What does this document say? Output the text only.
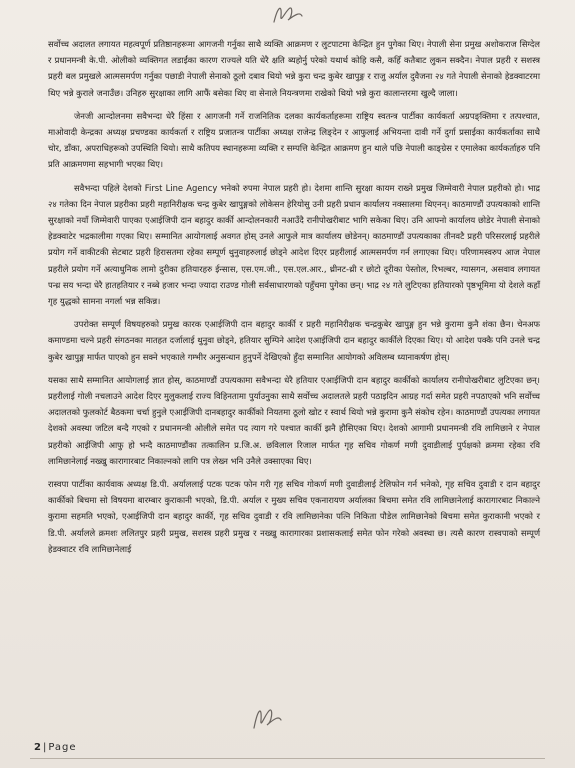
सर्वोच्च अदालत लगायत महत्वपूर्ण प्रतिष्ठानहरूमा आगजनी गर्नुका साथै व्यक्ति आक्रमण र लुटपाटमा केन्द्रित हुन पुगेका थिए। नेपाली सेना प्रमुख अशोकराज सिग्देल र प्रधानमन्त्री के.पी. ओलीको व्यक्तिगत लडाईंका कारण राज्यले यति धेरै क्षति ब्यहोर्नु परेको यथार्थ कोहि कसै, कहिँ कतैबाट लुकन सक्दैन। नेपाल प्रहरी र सशस्त्र प्रहरी बल प्रमुखले आत्मसमर्पण गर्नुका पछाडी नेपाली सेनाको ठूलो दबाव थियो भन्ने कुरा चन्द्र कुबेर खापुङ्ग र राजु अर्याल दुवैजना २४ गते नेपाली सेनाको हेडक्वाटरमा थिए भन्ने कुराले जनाउँछ। उनिहरु सुरक्षाका लागि आफैं बसेका थिए वा सेनाले नियन्त्रणमा राखेको थियो भन्ने कुरा कालान्तरमा खुल्दै जाला।

जेनजी आन्दोलनमा सवैभन्दा धेरै हिंसा र आगजनी गर्ने राजनितिक दलका कार्यकर्ताहरूमा राष्ट्रिय स्वतन्त्र पार्टीका कार्यकर्ता अग्रपङ्क्तिमा र तत्पश्चात, माओवादी केन्द्रका अध्यक्ष प्रचण्डका कार्यकर्ता र राष्ट्रिय प्रजातन्त्र पार्टीका अध्यक्ष राजेन्द्र लिङ्देन र आफुलाई अभियन्ता दावी गर्ने दुर्गा प्रसाईका कार्यकर्ताका साथै चोर, डाँका, अपराधिहरूको उपस्थिति थियो। साथै कतिपय स्थानहरूमा व्यक्ति र सम्पत्ति केन्द्रित आक्रमण हुन थाले पछि नेपाली काङ्ग्रेस र एमालेका कार्यकर्ताहरु पनि प्रति आक्रमणमा सहभागी भएका थिए।

सवैभन्दा पहिले देशको First Line Agency भनेको रुपमा नेपाल प्रहरी हो। देशमा शान्ति सुरक्षा कायम राख्ने प्रमुख जिम्मेवारी नेपाल प्रहरीको हो। भाद्र २४ गतेका दिन नेपाल प्रहरीका प्रहरी महानिरीक्षक चन्द्र कुबेर खापुङ्गको लोकेसन हेरियोसु उनी प्रहरी प्रधान कार्यालय नक्सालमा थिएनन्। काठमाण्डौं उपत्यकाको शान्ति सुरक्षाको नयाँ जिम्मेवारी पाएका एआईजिपी दान बहादुर कार्की आन्दोलनकारी नआउँदै रानीपोखरीबाट भागि सकेका थिए। उनि आफ्नो कार्यालय छोडेर नेपाली सेनाको हेडक्वाटेर भद्रकालीमा गएका थिए। सम्मानित आयोगलाई अवगत होस् उनले आफुले मात्र कार्यालय छोडेनन्। काठमाण्डौं उपत्यकाका तीनवटै प्रहरी परिसरलाई प्रहरीले प्रयोग गर्ने वाकीटकी सेटबाट प्रहरी हिरासतमा रहेका सम्पूर्ण थुनुवाहरुलाई छोड्ने आदेश दिएर प्रहरीलाई आत्मसमर्पण गर्न लगाएका थिए। परिणामस्वरुप आज नेपाल प्रहरीले प्रयोग गर्ने अत्याधुनिक लामो दुरीका हतियारहरु ईन्सास, एस.एम.जी., एस.एल.आर., थ्रीनट-थ्री र छोटो दूरीका पेस्तोल, रिभल्बर, ग्यासगन, असवाव लगायत पन्ध्र सय भन्दा धेरै हातहतियार र नब्बे हजार भन्दा ज्यादा राउण्ड गोली सर्वसाधारणको पहुँचमा पुगेका छन्। भाद्र २४ गते लुटिएका हतियारको पृष्ठभूमिमा यो देशले कहाँ गृह युद्धको सामना नगर्ला भन्न सकिन्न।

उपरोक्त सम्पूर्ण विषयहरुको प्रमुख कारक एआईजिपी दान बहादुर कार्की र प्रहरी महानिरीक्षक चन्द्रकुबेर खापुङ्ग हुन भन्ने कुरामा कुनै शंका छैन। चेनअफ कमाण्डमा चल्ने प्रहरी संगठनका मातहत दर्जालाई थुनुवा छोड्ने, हतियार सुम्पिने आदेश एआईजिपी दान बहादुर कार्कीले दिएका थिए। यो आदेश पक्कै पनि उनले चन्द्र कुबेर खापुङ्ग मार्फत पाएको हुन सक्ने भएकाले गम्भीर अनुसन्धान हुनुपर्ने देखिएको हुँदा सम्मानित आयोगको अविलम्ब ध्यानाकर्षण होस्।

यसका साथै सम्मानित आयोगलाई ज्ञात होस्, काठमाण्डौं उपत्यकामा सवैभन्दा धेरै हतियार एआईजिपी दान बहादुर कार्कीको कार्यालय रानीपोखरीबाट लुटिएका छन्। प्रहरीलाई गोली नचलाउने आदेश दिएर मुलुकलाई राज्य विहिनतामा पुर्याउनुका साथै सर्वोच्च अदालतले प्रहरी पठाइदिन आग्रह गर्दा समेत प्रहरी नपठाएको भनि सर्वोच्च अदालतको फुलकोर्ट बैठकमा चर्चा हुनुले एआईजिपी दानबहादुर कार्कीको नियतमा ठूलो खोट र स्वार्थ थियो भन्ने कुरामा कुनै संकोच रहेन। काठमाण्डौं उपत्यका लगायत देशको अवस्था जटिल बन्दै गएको र प्रधानमन्त्री ओलीले समेत पद त्याग गरे पश्चात कार्की झनै हौसिएका थिए। देशको आगामी प्रधानमन्त्री रवि लामिछाने र नेपाल प्रहरीको आईजिपी आफु हो भन्दै काठमाण्डौंका तत्कालिन प्र.जि.अ. छविलाल रिजाल मार्फत गृह सचिव गोकर्ण मणी दुवाडीलाई पुर्पक्षको क्रममा रहेका रवि लामिछानेलाई नख्खु कारागारबाट निकाल्नको लागि पत्र लेख्न भनि उनैले उक्साएका थिए।

रास्वपा पार्टीका कार्यवाक अध्यक्ष डि.पी. अर्याललाई पटक पटक फोन गरी गृह सचिव गोकर्ण मणी दुवाडीलाई टेलिफोन गर्न भनेको, गृह सचिव दुवाडी र दान बहादुर कार्कीको बिचमा सो विषयमा बारम्बार कुराकानी भएको, डि.पी. अर्याल र मुख्य सचिव एकनारायण अर्यालका बिचमा समेत रवि लामिछानेलाई कारागारबाट निकाल्ने कुरामा सहमति भएको, एआईजिपी दान बहादुर कार्की, गृह सचिव दुवाडी र रवि लामिछानेका पत्नि निकिता पौडेल लामिछानेको बिचमा समेत कुराकानी भएको र डि.पी. अर्यालले क्रमशः ललितपुर प्रहरी प्रमुख, सशस्त्र प्रहरी प्रमुख र नख्खु कारागारका प्रशासकलाई समेत फोन गरेको अवस्था छ। त्यसै कारण रास्वपाको सम्पूर्ण हेडक्वाटर रवि लामिछानेलाई

2 | Page
